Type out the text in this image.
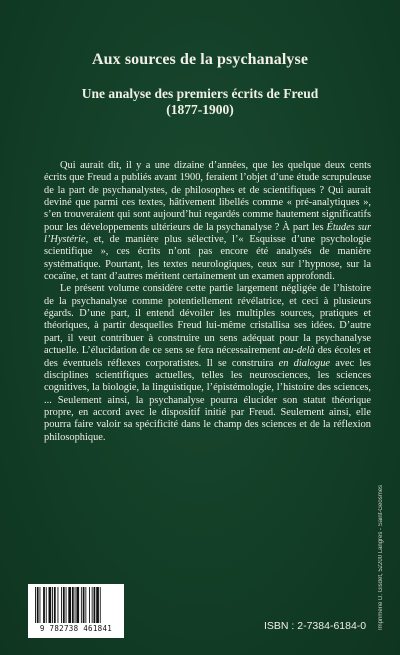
Aux sources de la psychanalyse
Une analyse des premiers écrits de Freud
(1877-1900)

Qui aurait dit, il y a une dizaine d’années, que les quelque deux cents écrits que Freud a publiés avant 1900, feraient l’objet d’une étude scrupuleuse de la part de psychanalystes, de philosophes et de scientifiques ? Qui aurait deviné que parmi ces textes, hâtivement libellés comme « pré-analytiques », s’en trouveraient qui sont aujourd’hui regardés comme hautement significatifs pour les développements ultérieurs de la psychanalyse ? À part les Études sur l’Hystérie, et, de manière plus sélective, l’« Esquisse d’une psychologie scientifique », ces écrits n’ont pas encore été analysés de manière systématique. Pourtant, les textes neurologiques, ceux sur l’hypnose, sur la cocaïne, et tant d’autres méritent certainement un examen approfondi.

Le présent volume considère cette partie largement négligée de l’histoire de la psychanalyse comme potentiellement révélatrice, et ceci à plusieurs égards. D’une part, il entend dévoiler les multiples sources, pratiques et théoriques, à partir desquelles Freud lui-même cristallisa ses idées. D’autre part, il veut contribuer à construire un sens adéquat pour la psychanalyse actuelle. L’élucidation de ce sens se fera nécessairement au-delà des écoles et des éventuels réflexes corporatistes. Il se construira en dialogue avec les disciplines scientifiques actuelles, telles les neurosciences, les sciences cognitives, la biologie, la linguistique, l’épistémologie, l’histoire des sciences, ... Seulement ainsi, la psychanalyse pourra élucider son statut théorique propre, en accord avec le dispositif initié par Freud. Seulement ainsi, elle pourra faire valoir sa spécificité dans le champ des sciences et de la réflexion philosophique.

Imprimerie D. Gisdet, 52200 Langres - Saint-Geosmes
9 782738 461841	ISBN : 2-7384-6184-0
